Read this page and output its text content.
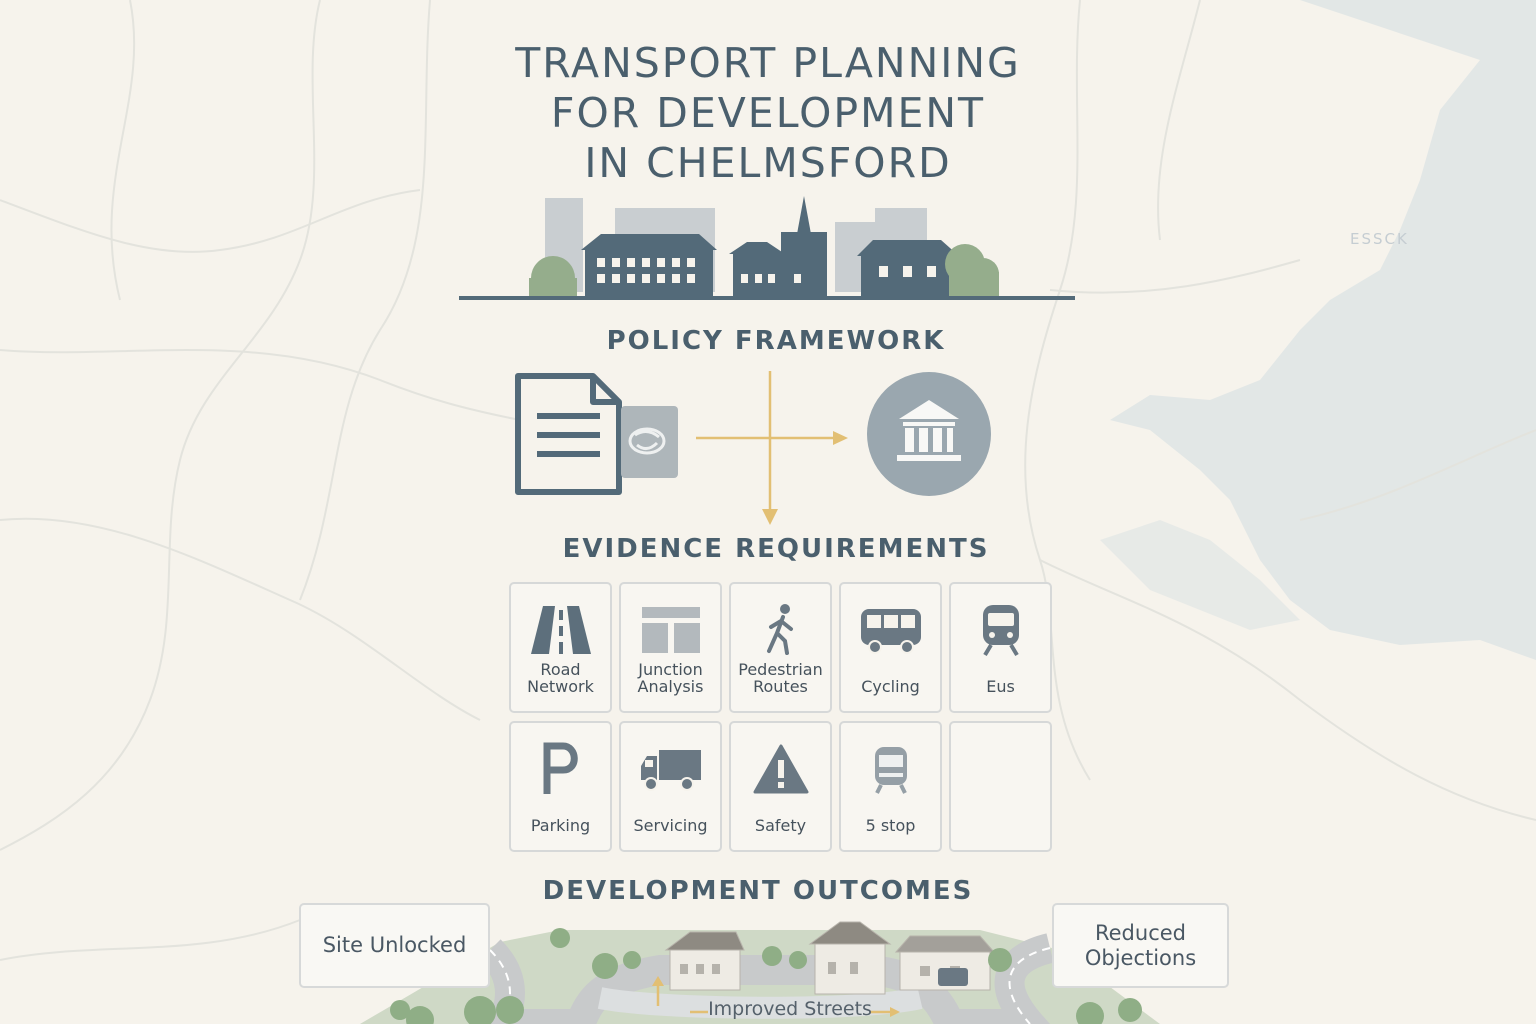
ESSCK
TRANSPORT PLANNING
FOR DEVELOPMENT
IN CHELMSFORD
POLICY FRAMEWORK
EVIDENCE REQUIREMENTS
Road
Network
Junction
Analysis
Pedestrian
Routes	Cycling	Eus
Parking	Servicing	Safety	5 stop
DEVELOPMENT OUTCOMES
Site Unlocked
Reduced
Objections
Improved Streets
